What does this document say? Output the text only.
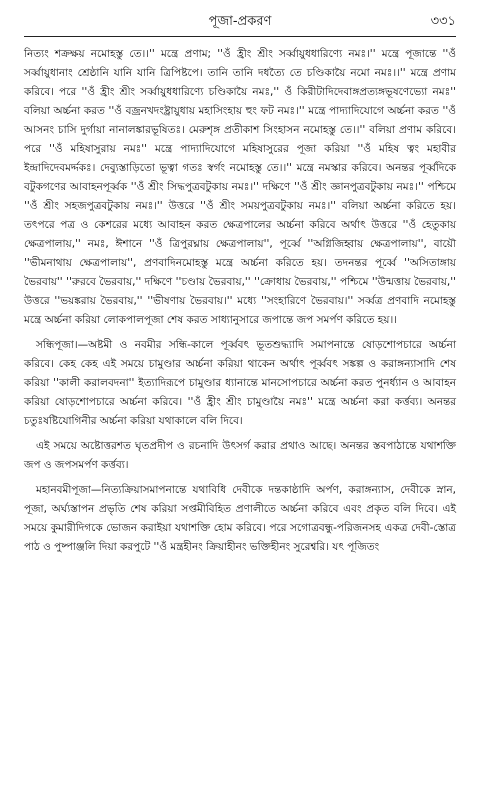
পূজা-প্রকরণ	৩৩১

নিত্যং শক্রক্ষয় নমোহস্তু তে।।'' মন্ত্রে প্রণাম; ''ওঁ হ্রীং শ্রীং সর্ব্বায়ুধধারিণ্যে নমঃ।'' মন্ত্রে পূজান্তে ''ওঁ সর্ব্বায়ুধানাং শ্রেষ্ঠানি যানি যানি ত্রিপিষ্টপে। তানি তানি দধত্যৈ তে চণ্ডিকায়ৈ নমো নমঃ।।'' মন্ত্রে প্রণাম করিবে। পরে ''ওঁ হ্রীং শ্রীং সর্ব্বায়ুধধারিণ্যে চণ্ডিকায়ৈ নমঃ,'' ওঁ কিরীটাদিদেবাঙ্গপ্রত্যঙ্গভূষণেভ্যো নমঃ'' বলিয়া অর্চ্চনা করত ''ওঁ বজ্রনখদংষ্ট্রায়ুধায় মহাসিংহায় হুং ফট নমঃ।'' মন্ত্রে পাদ্যাদিযোগে অর্চ্চনা করত ''ওঁ আসনং চাসি দুর্গায়া নানালঙ্কারভূষিতঃ। মেরুশৃঙ্গ প্রতীকাশ সিংহাসন নমোহস্তু তে।।'' বলিয়া প্রণাম করিবে। পরে ''ওঁ মহিষাসুরায় নমঃ'' মন্ত্রে পাদ্যাদিযোগে মহিষাসুরের পূজা করিয়া ''ওঁ মহিষ ত্বং মহাবীর ইন্দ্রাদিদেবমর্দ্দকঃ। দেব্যুস্তাড়িতো ভূত্বা গতঃ স্বর্গং নমোহস্তু তে।।'' মন্ত্রে নমস্কার করিবে। অনন্তর পূর্ব্বদিকে বটুকগণের আবাহনপূর্ব্বক ''ওঁ শ্রীং সিদ্ধপুত্রবটুকায় নমঃ।'' দক্ষিণে ''ওঁ শ্রীং জ্ঞানপুত্রবটুকায় নমঃ।'' পশ্চিমে ''ওঁ শ্রীং সহজপুত্রবটুকায় নমঃ।'' উত্তরে ''ওঁ শ্রীং সময়পুত্রবটুকায় নমঃ।'' বলিয়া অর্চ্চনা করিতে হয়। তৎপরে পত্র ও কেশরের মধ্যে আবাহন করত ক্ষেত্রপালের অর্চ্চনা করিবে অর্থাৎ উত্তরে ''ওঁ হেতুকায় ক্ষেত্রপালায়,'' নমঃ, ঈশানে ''ওঁ ত্রিপুরঘ্নায় ক্ষেত্রপালায়'', পূর্ব্বে ''অগ্নিজিহ্বায় ক্ষেত্রপালায়'', বায়ৌ ''ভীমনাথায় ক্ষেত্রপালায়'', প্রণবাদিনমোহস্তু মন্ত্রে অর্চ্চনা করিতে হয়। তদনন্তর পূর্ব্বে ''অসিতাঙ্গায় ভৈরবায়'' ''রুরবে ভৈরবায়,'' দক্ষিণে ''চণ্ডায় ভৈরবায়,'' ''ক্রোধায় ভৈরবায়,'' পশ্চিমে ''উন্মত্তায় ভৈরবায়,'' উত্তরে ''ভয়ঙ্করায় ভৈরবায়,'' ''ভীষণায় ভৈরবায়।'' মধ্যে ''সংহারিণে ভৈরবায়।'' সর্ব্বত্র প্রণবাদি নমোহস্তু মন্ত্রে অর্চ্চনা করিয়া লোকপালপূজা শেষ করত সাধ্যানুসারে জপান্তে জপ সমর্পণ করিতে হয়।।

সন্ধিপূজা।—অষ্টমী ও নবমীর সন্ধি-কালে পূর্ব্ববৎ ভূতশুদ্ধ্যাদি সমাপনান্তে ষোড়শোপচারে অর্চ্চনা করিবে। কেহ কেহ এই সময়ে চামুণ্ডার অর্চ্চনা করিয়া থাকেন অর্থাৎ পূর্ব্ববৎ সঙ্কল্প ও করাঙ্গন্যাসাদি শেষ করিয়া ''কালী করালবদনা'' ইত্যাদিরূপে চামুণ্ডার ধ্যানান্তে মানসোপচারে অর্চ্চনা করত পুনর্ধ্যান ও আবাহন করিয়া ষোড়শোপচারে অর্চ্চনা করিবে। ''ওঁ হ্রীং শ্রীং চামুণ্ডায়ৈ নমঃ'' মন্ত্রে অর্চ্চনা করা কর্ত্তব্য। অনন্তর চতুঃষষ্টিযোগিনীর অর্চ্চনা করিয়া যথাকালে বলি দিবে।

এই সময়ে অষ্টোত্তরশত ঘৃতপ্রদীপ ও রচনাদি উৎসর্গ করার প্রথাও আছে। অনন্তর স্তবপাঠান্তে যথাশক্তি জপ ও জপসমর্পণ কর্ত্তব্য।

মহানবমীপূজা—নিত্যক্রিয়াসমাপনান্তে যথাবিধি দেবীকে দন্তকাষ্ঠাদি অর্পণ, করাঙ্গন্যাস, দেবীকে স্নান, পূজা, অর্ঘ্যস্তাপন প্রভৃতি শেষ করিয়া সপ্তমীবিহিত প্রণালীতে অর্চ্চনা করিবে এবং প্রকৃত বলি দিবে। এই সময়ে কুমারীদিগকে ভোজন করাইয়া যথাশক্তি হোম করিবে। পরে সগোত্রবন্ধু-পরিজনসহ একত্র দেবী-স্তোত্র পাঠ ও পুষ্পাঞ্জলি দিয়া করপুটে ''ওঁ মন্ত্রহীনং ক্রিয়াহীনং ভক্তিহীনং সুরেশ্বরি। যৎ পূজিতং
